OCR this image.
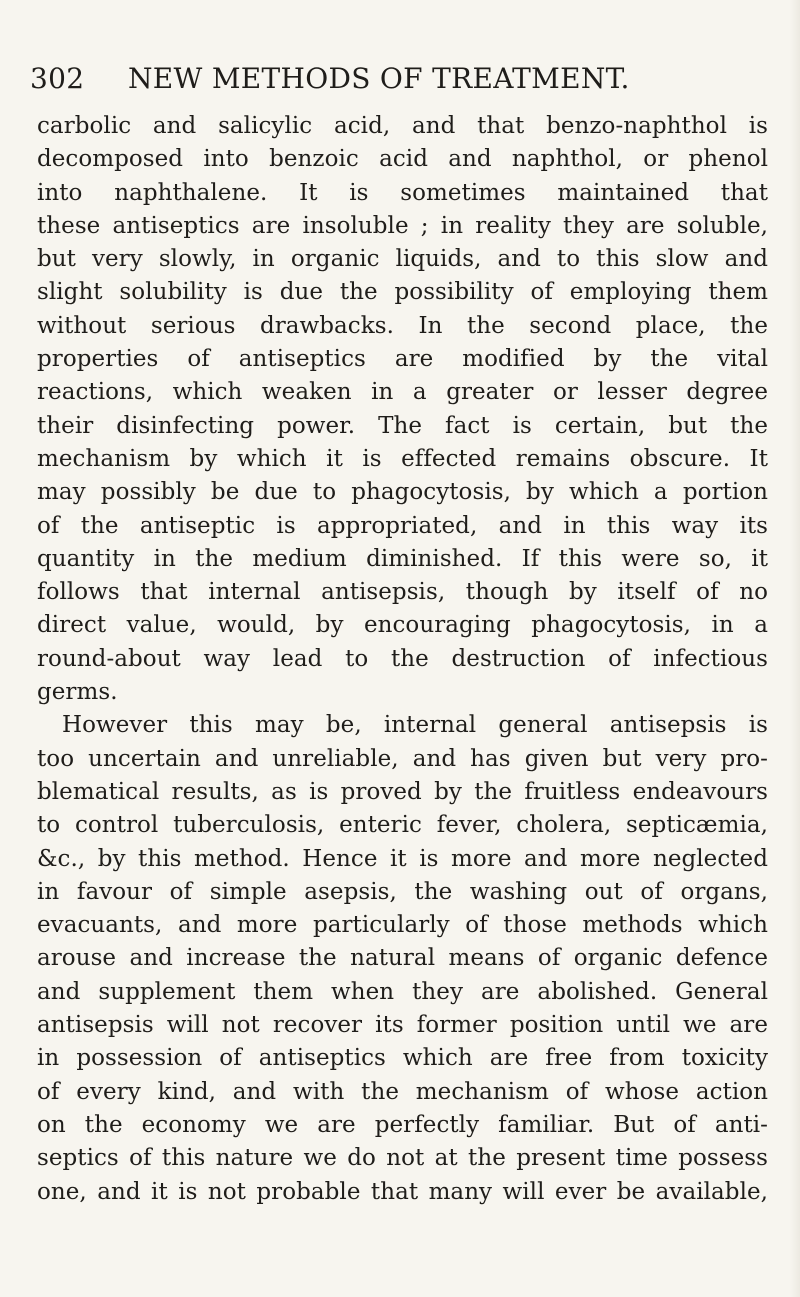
302	NEW METHODS OF TREATMENT.
carbolic and salicylic acid, and that benzo-naphthol is
decomposed into benzoic acid and naphthol, or phenol
into naphthalene. It is sometimes maintained that
these antiseptics are insoluble ; in reality they are soluble,
but very slowly, in organic liquids, and to this slow and
slight solubility is due the possibility of employing them
without serious drawbacks. In the second place, the
properties of antiseptics are modified by the vital
reactions, which weaken in a greater or lesser degree
their disinfecting power. The fact is certain, but the
mechanism by which it is effected remains obscure. It
may possibly be due to phagocytosis, by which a portion
of the antiseptic is appropriated, and in this way its
quantity in the medium diminished. If this were so, it
follows that internal antisepsis, though by itself of no
direct value, would, by encouraging phagocytosis, in a
round-about way lead to the destruction of infectious
germs.
However this may be, internal general antisepsis is
too uncertain and unreliable, and has given but very pro-
blematical results, as is proved by the fruitless endeavours
to control tuberculosis, enteric fever, cholera, septicæmia,
&c., by this method. Hence it is more and more neglected
in favour of simple asepsis, the washing out of organs,
evacuants, and more particularly of those methods which
arouse and increase the natural means of organic defence
and supplement them when they are abolished. General
antisepsis will not recover its former position until we are
in possession of antiseptics which are free from toxicity
of every kind, and with the mechanism of whose action
on the economy we are perfectly familiar. But of anti-
septics of this nature we do not at the present time possess
one, and it is not probable that many will ever be available,
